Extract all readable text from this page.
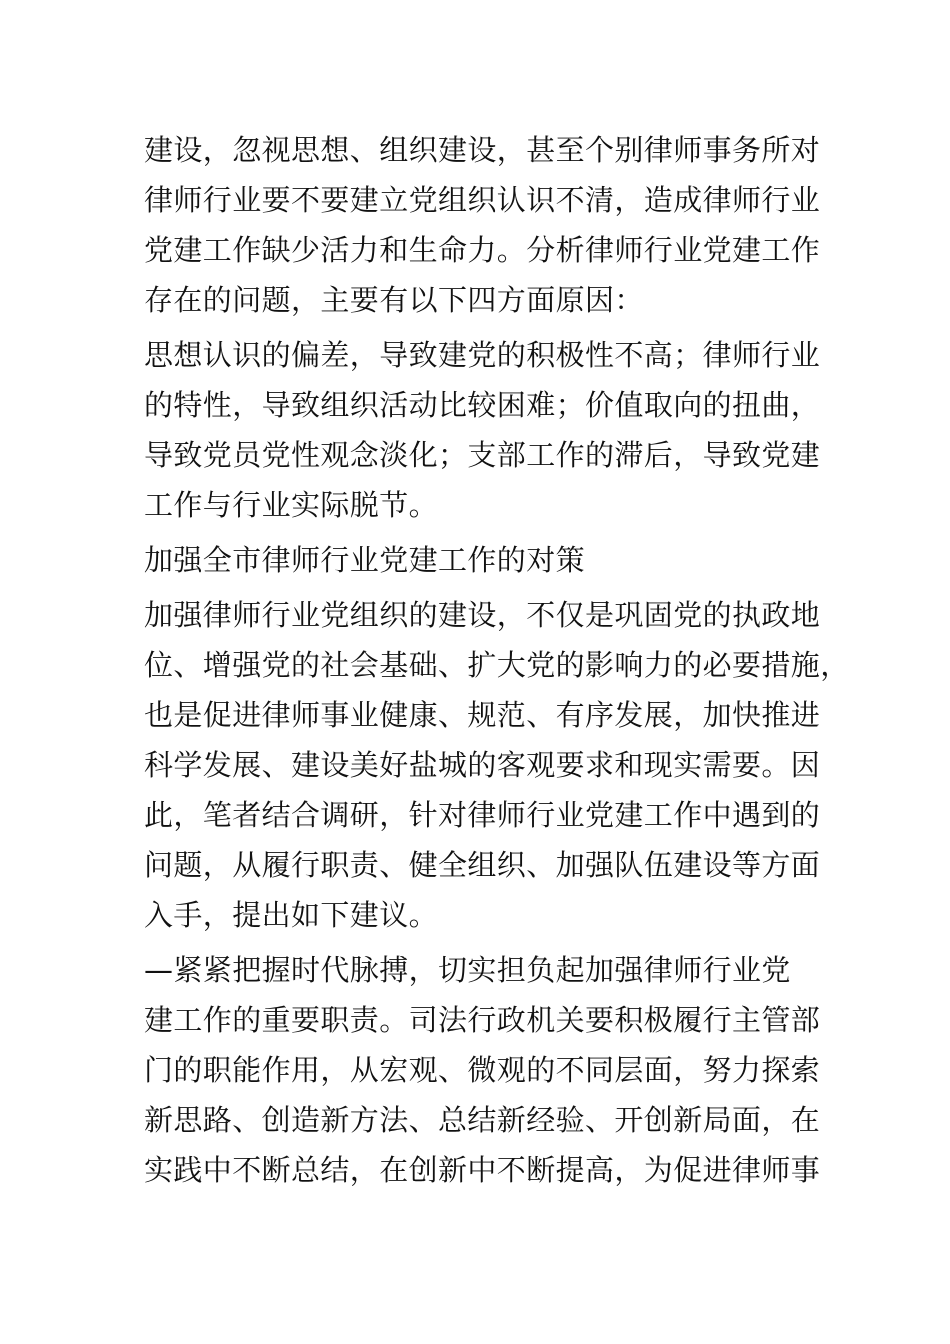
建设，忽视思想、组织建设，甚至个别律师事务所对
律师行业要不要建立党组织认识不清，造成律师行业
党建工作缺少活力和生命力。分析律师行业党建工作
存在的问题，主要有以下四方面原因：
思想认识的偏差，导致建党的积极性不高；律师行业
的特性，导致组织活动比较困难；价值取向的扭曲，
导致党员党性观念淡化；支部工作的滞后，导致党建
工作与行业实际脱节。
加强全市律师行业党建工作的对策
加强律师行业党组织的建设，不仅是巩固党的执政地
位、增强党的社会基础、扩大党的影响力的必要措施，
也是促进律师事业健康、规范、有序发展，加快推进
科学发展、建设美好盐城的客观要求和现实需要。因
此，笔者结合调研，针对律师行业党建工作中遇到的
问题，从履行职责、健全组织、加强队伍建设等方面
入手，提出如下建议。
—紧紧把握时代脉搏，切实担负起加强律师行业党
建工作的重要职责。司法行政机关要积极履行主管部
门的职能作用，从宏观、微观的不同层面，努力探索
新思路、创造新方法、总结新经验、开创新局面，在
实践中不断总结，在创新中不断提高，为促进律师事
